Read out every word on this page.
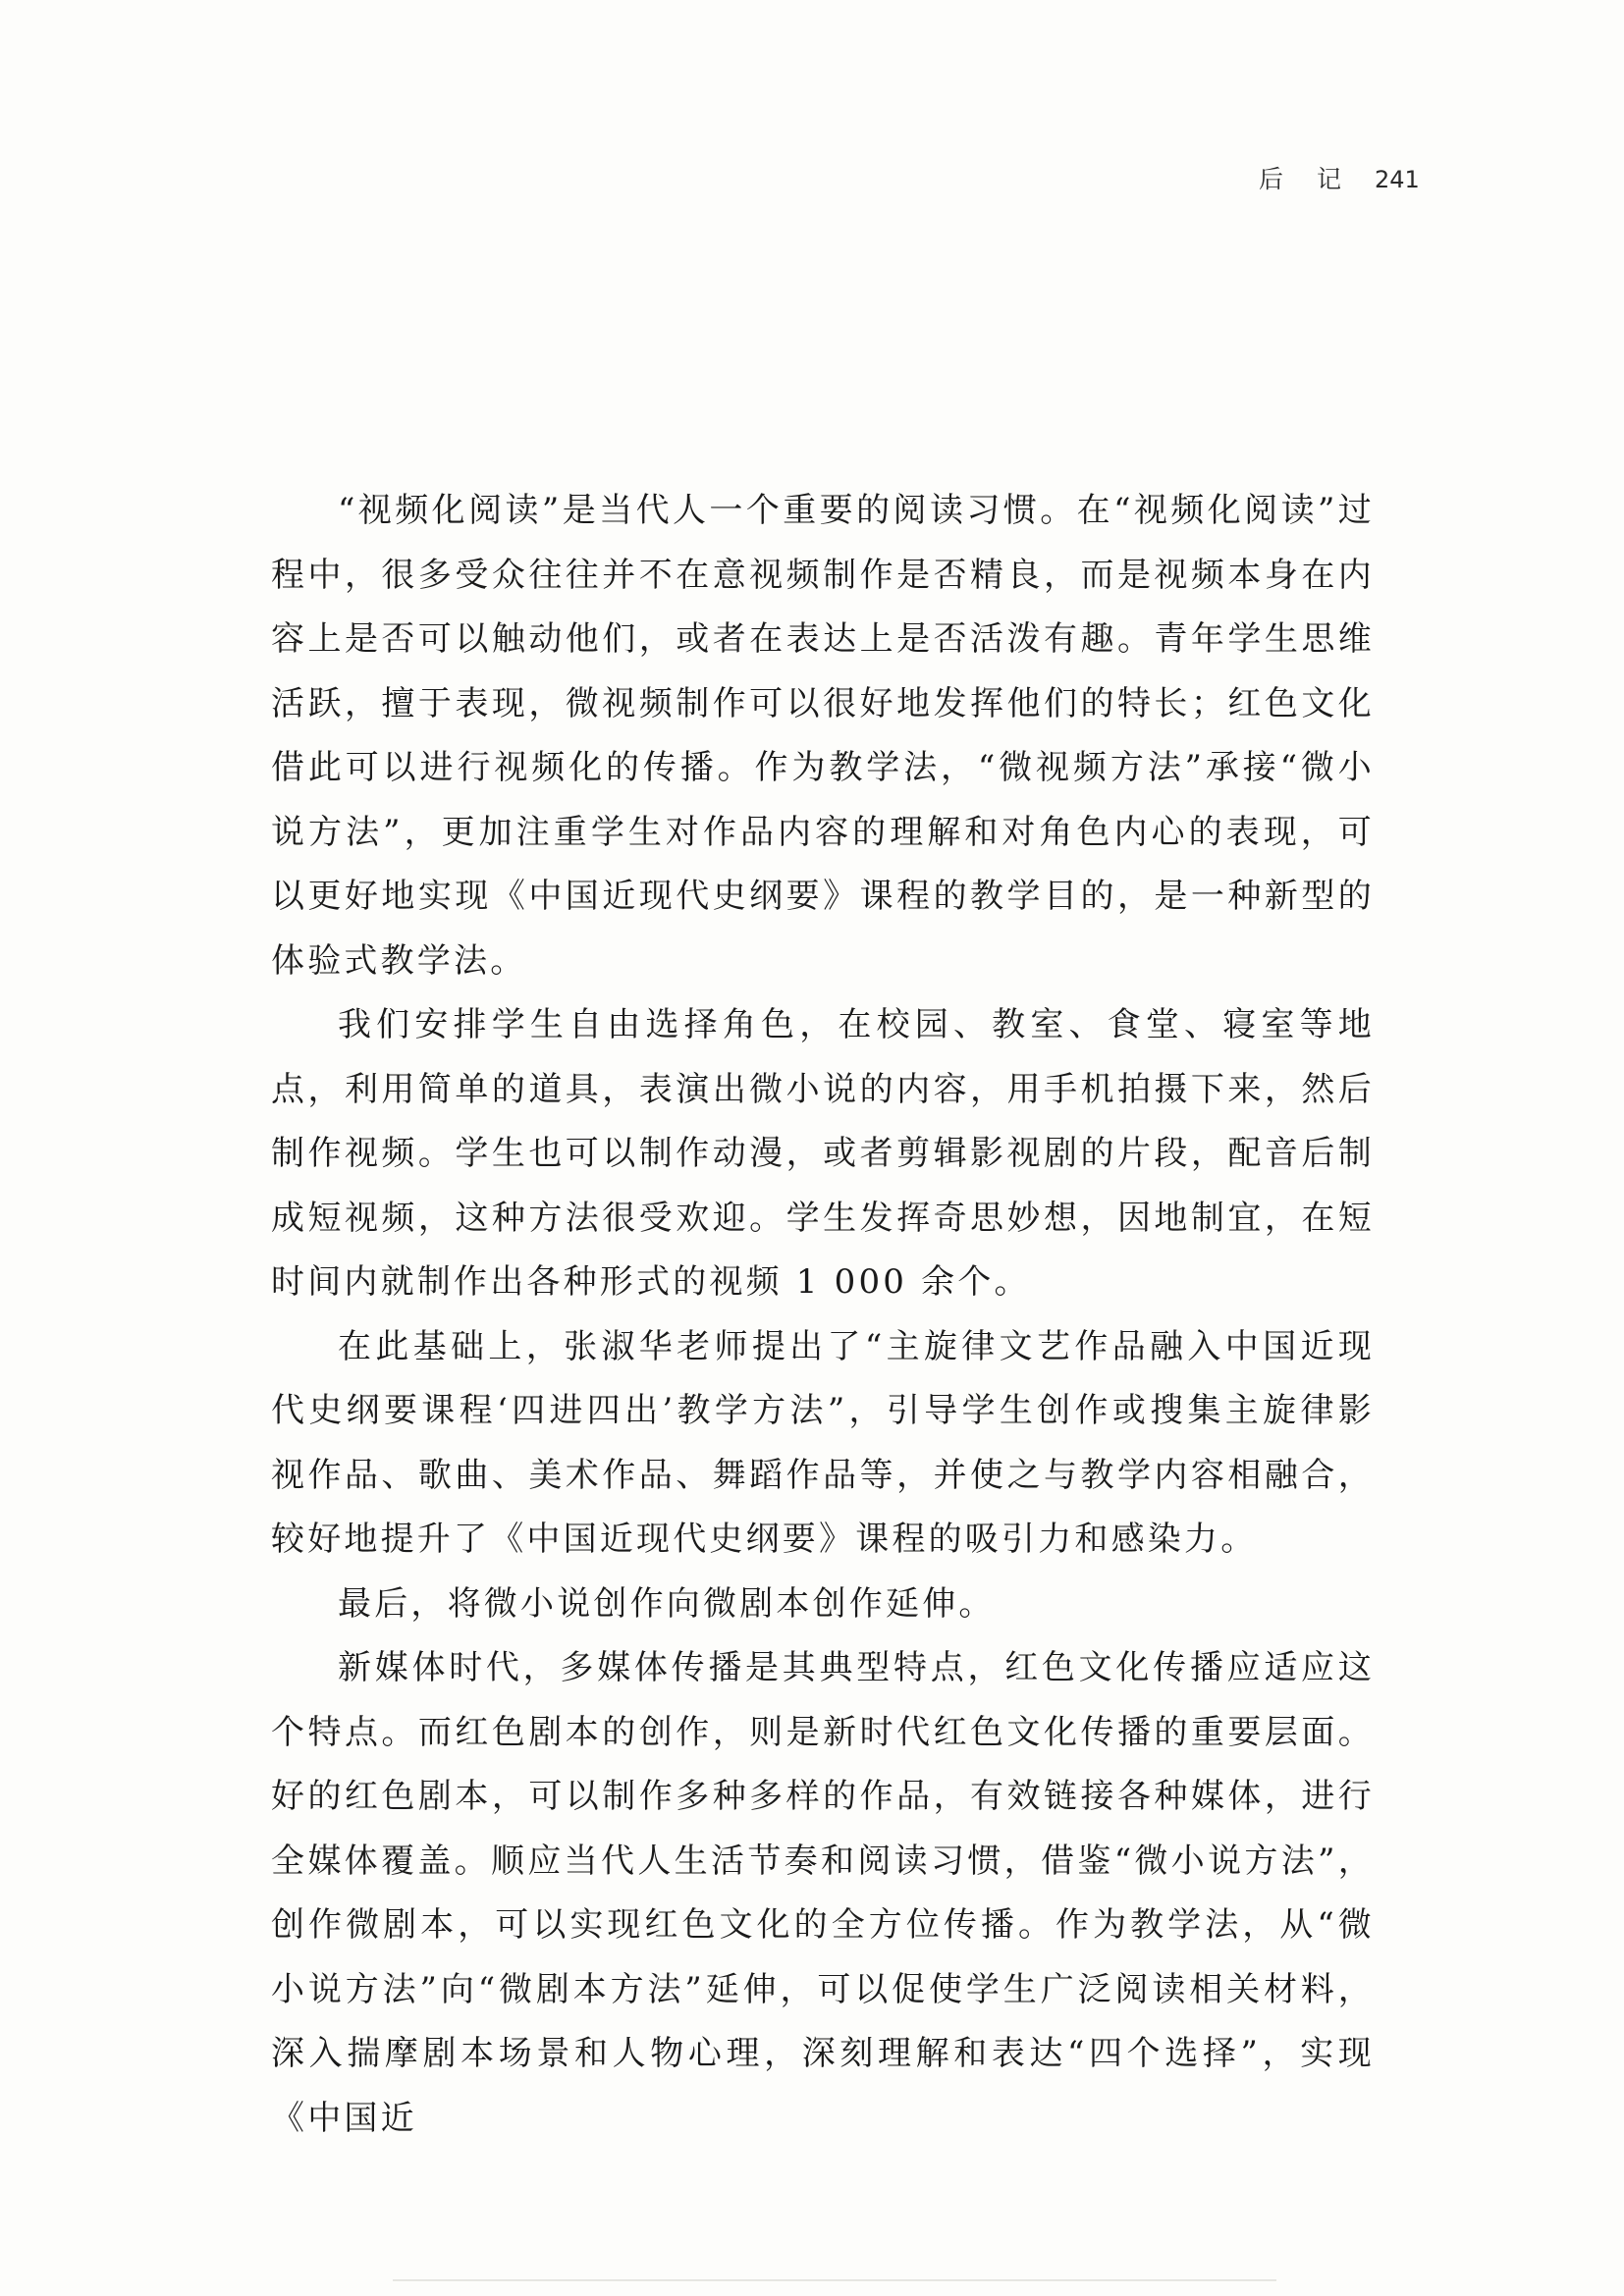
后记241

“视频化阅读”是当代人一个重要的阅读习惯。在“视频化阅读”过程中，很多受众往往并不在意视频制作是否精良，而是视频本身在内容上是否可以触动他们，或者在表达上是否活泼有趣。青年学生思维活跃，擅于表现，微视频制作可以很好地发挥他们的特长；红色文化借此可以进行视频化的传播。作为教学法，“微视频方法”承接“微小说方法”，更加注重学生对作品内容的理解和对角色内心的表现，可以更好地实现《中国近现代史纲要》课程的教学目的，是一种新型的体验式教学法。

我们安排学生自由选择角色，在校园、教室、食堂、寝室等地点，利用简单的道具，表演出微小说的内容，用手机拍摄下来，然后制作视频。学生也可以制作动漫，或者剪辑影视剧的片段，配音后制成短视频，这种方法很受欢迎。学生发挥奇思妙想，因地制宜，在短时间内就制作出各种形式的视频 1 000 余个。

在此基础上，张淑华老师提出了“主旋律文艺作品融入中国近现代史纲要课程‘四进四出’教学方法”，引导学生创作或搜集主旋律影视作品、歌曲、美术作品、舞蹈作品等，并使之与教学内容相融合，较好地提升了《中国近现代史纲要》课程的吸引力和感染力。

最后，将微小说创作向微剧本创作延伸。

新媒体时代，多媒体传播是其典型特点，红色文化传播应适应这个特点。而红色剧本的创作，则是新时代红色文化传播的重要层面。好的红色剧本，可以制作多种多样的作品，有效链接各种媒体，进行全媒体覆盖。顺应当代人生活节奏和阅读习惯，借鉴“微小说方法”，创作微剧本，可以实现红色文化的全方位传播。作为教学法，从“微小说方法”向“微剧本方法”延伸，可以促使学生广泛阅读相关材料，深入揣摩剧本场景和人物心理，深刻理解和表达“四个选择”，实现《中国近
